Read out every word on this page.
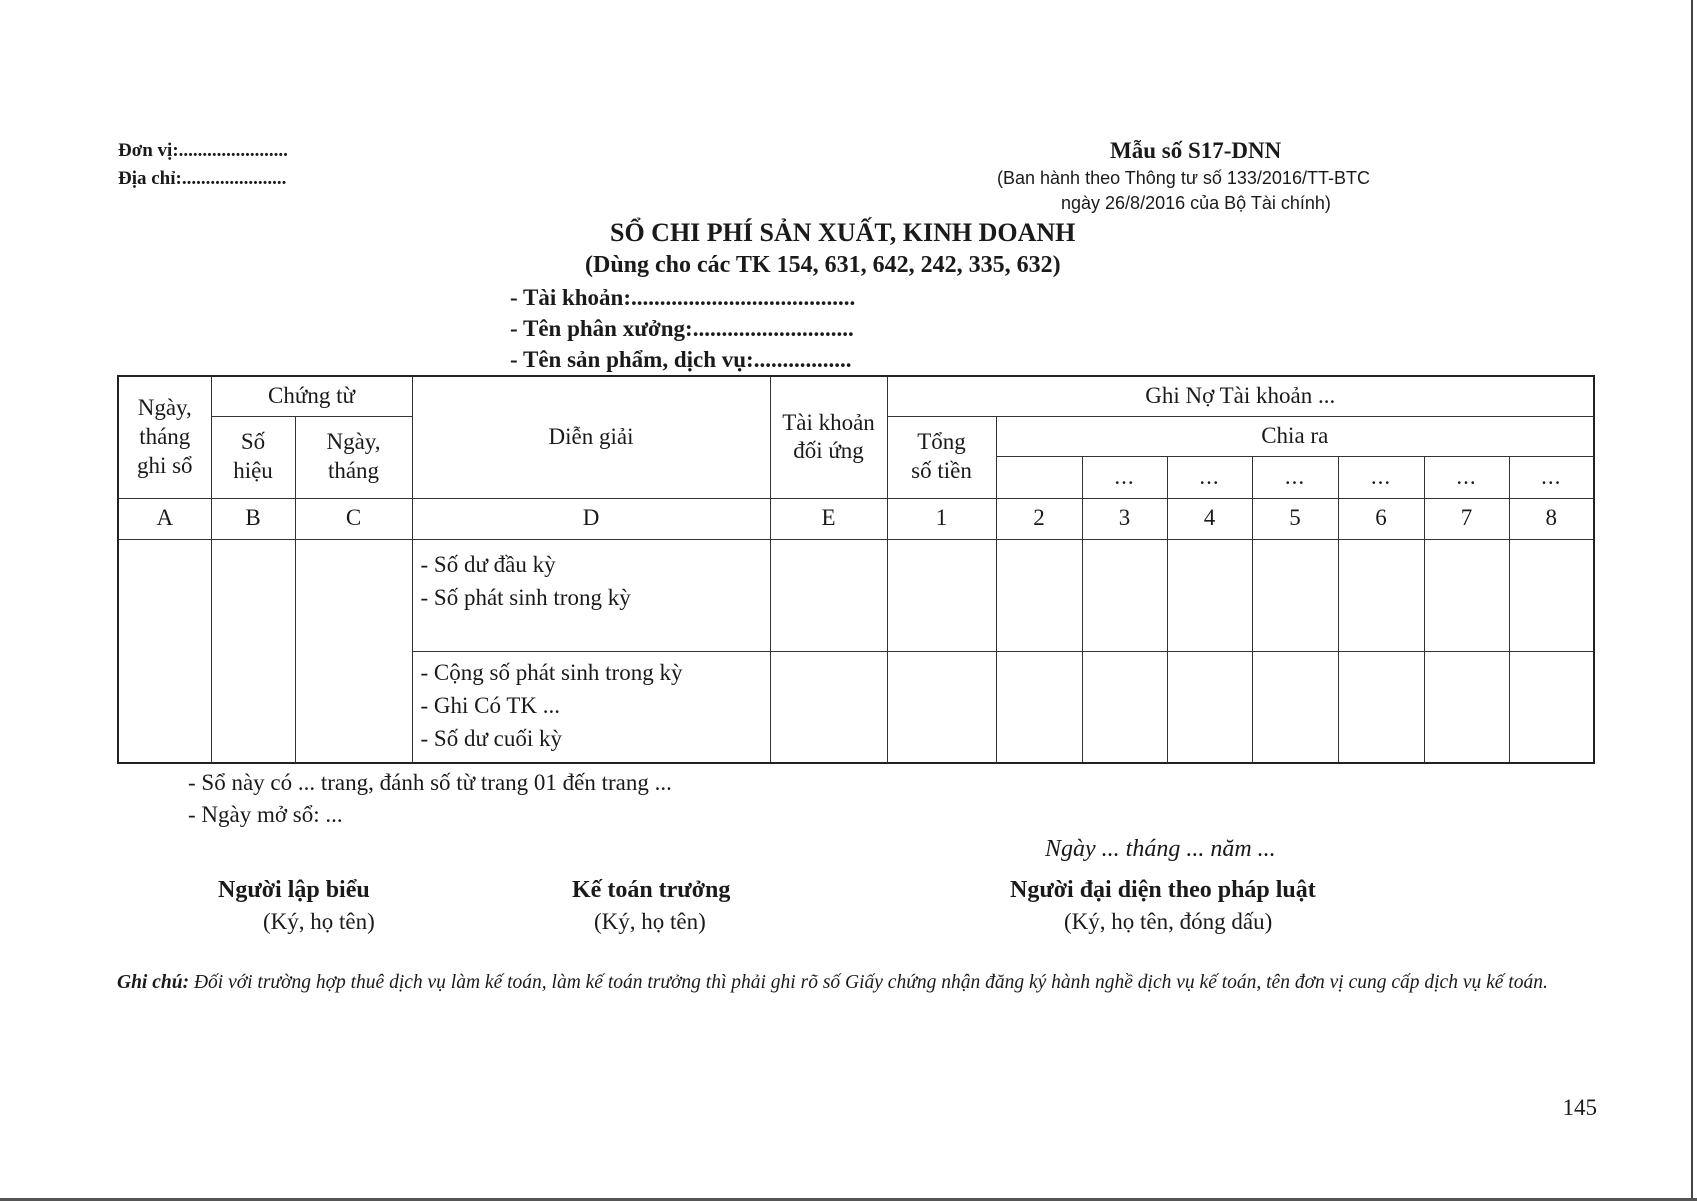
Đơn vị:.......................
Địa chỉ:......................
Mẫu số S17-DNN
(Ban hành theo Thông tư số 133/2016/TT-BTC
ngày 26/8/2016 của Bộ Tài chính)
SỔ CHI PHÍ SẢN XUẤT, KINH DOANH
(Dùng cho các TK 154, 631, 642, 242, 335, 632)
- Tài khoản:.......................................
- Tên phân xưởng:............................
- Tên sản phẩm, dịch vụ:.................
Ngày, tháng ghi sổ	Chứng từ		Diễn giải	Tài khoản đối ứng	Ghi Nợ Tài khoản ...							
	Số hiệu	Ngày, tháng			Tổng số tiền	Chia ra						
							...	...	...	...	...	...
A	B	C	D	E	1	2	3	4	5	6	7	8

			- Số dư đầu kỳ
- Số phát sinh trong kỳ									

			- Cộng số phát sinh trong kỳ
- Ghi Có TK ...
- Số dư cuối kỳ									

- Sổ này có ... trang, đánh số từ trang 01 đến trang ...
- Ngày mở sổ: ...
Ngày ... tháng ... năm ...
Người lập biểu
(Ký, họ tên)
Kế toán trưởng
(Ký, họ tên)
Người đại diện theo pháp luật
(Ký, họ tên, đóng dấu)
Ghi chú: Đối với trường hợp thuê dịch vụ làm kế toán, làm kế toán trưởng thì phải ghi rõ số Giấy chứng nhận đăng ký hành nghề dịch vụ kế toán, tên đơn vị cung cấp dịch vụ kế toán.
145
